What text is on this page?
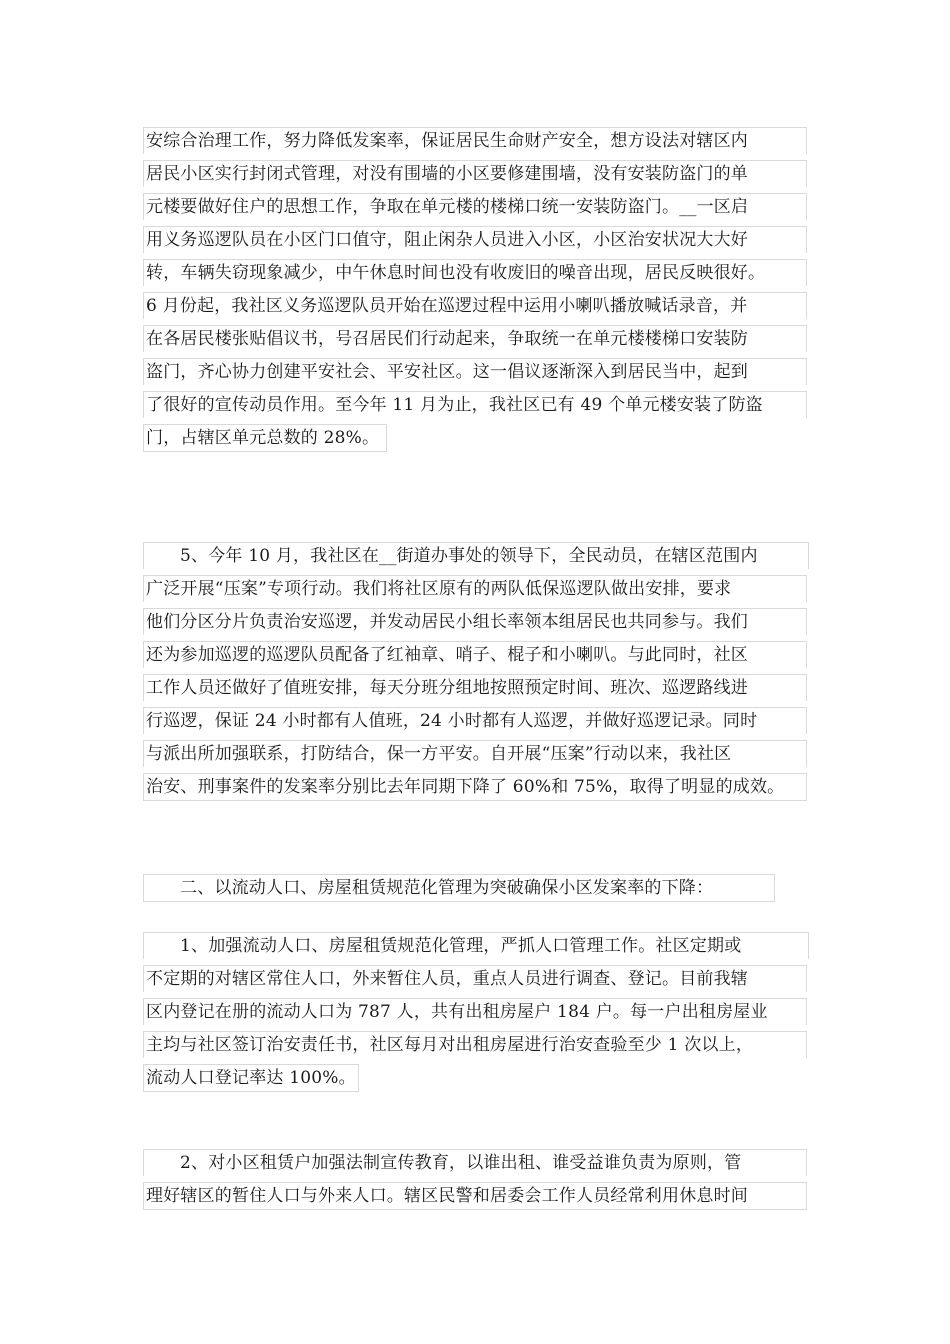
安综合治理工作，努力降低发案率，保证居民生命财产安全，想方设法对辖区内
居民小区实行封闭式管理，对没有围墙的小区要修建围墙，没有安装防盗门的单
元楼要做好住户的思想工作，争取在单元楼的楼梯口统一安装防盗门。__一区启
用义务巡逻队员在小区门口值守，阻止闲杂人员进入小区，小区治安状况大大好
转，车辆失窃现象减少，中午休息时间也没有收废旧的噪音出现，居民反映很好。
6 月份起，我社区义务巡逻队员开始在巡逻过程中运用小喇叭播放喊话录音，并
在各居民楼张贴倡议书，号召居民们行动起来，争取统一在单元楼楼梯口安装防
盗门，齐心协力创建平安社会、平安社区。这一倡议逐渐深入到居民当中，起到
了很好的宣传动员作用。至今年 11 月为止，我社区已有 49 个单元楼安装了防盗
门，占辖区单元总数的 28%。
5、今年 10 月，我社区在__街道办事处的领导下，全民动员，在辖区范围内
广泛开展“压案”专项行动。我们将社区原有的两队低保巡逻队做出安排，要求
他们分区分片负责治安巡逻，并发动居民小组长率领本组居民也共同参与。我们
还为参加巡逻的巡逻队员配备了红袖章、哨子、棍子和小喇叭。与此同时，社区
工作人员还做好了值班安排，每天分班分组地按照预定时间、班次、巡逻路线进
行巡逻，保证 24 小时都有人值班，24 小时都有人巡逻，并做好巡逻记录。同时
与派出所加强联系，打防结合，保一方平安。自开展“压案”行动以来，我社区
治安、刑事案件的发案率分别比去年同期下降了 60%和 75%，取得了明显的成效。
二、以流动人口、房屋租赁规范化管理为突破确保小区发案率的下降：
1、加强流动人口、房屋租赁规范化管理，严抓人口管理工作。社区定期或
不定期的对辖区常住人口，外来暂住人员，重点人员进行调查、登记。目前我辖
区内登记在册的流动人口为 787 人，共有出租房屋户 184 户。每一户出租房屋业
主均与社区签订治安责任书，社区每月对出租房屋进行治安查验至少 1 次以上，
流动人口登记率达 100%。
2、对小区租赁户加强法制宣传教育，以谁出租、谁受益谁负责为原则，管
理好辖区的暂住人口与外来人口。辖区民警和居委会工作人员经常利用休息时间
